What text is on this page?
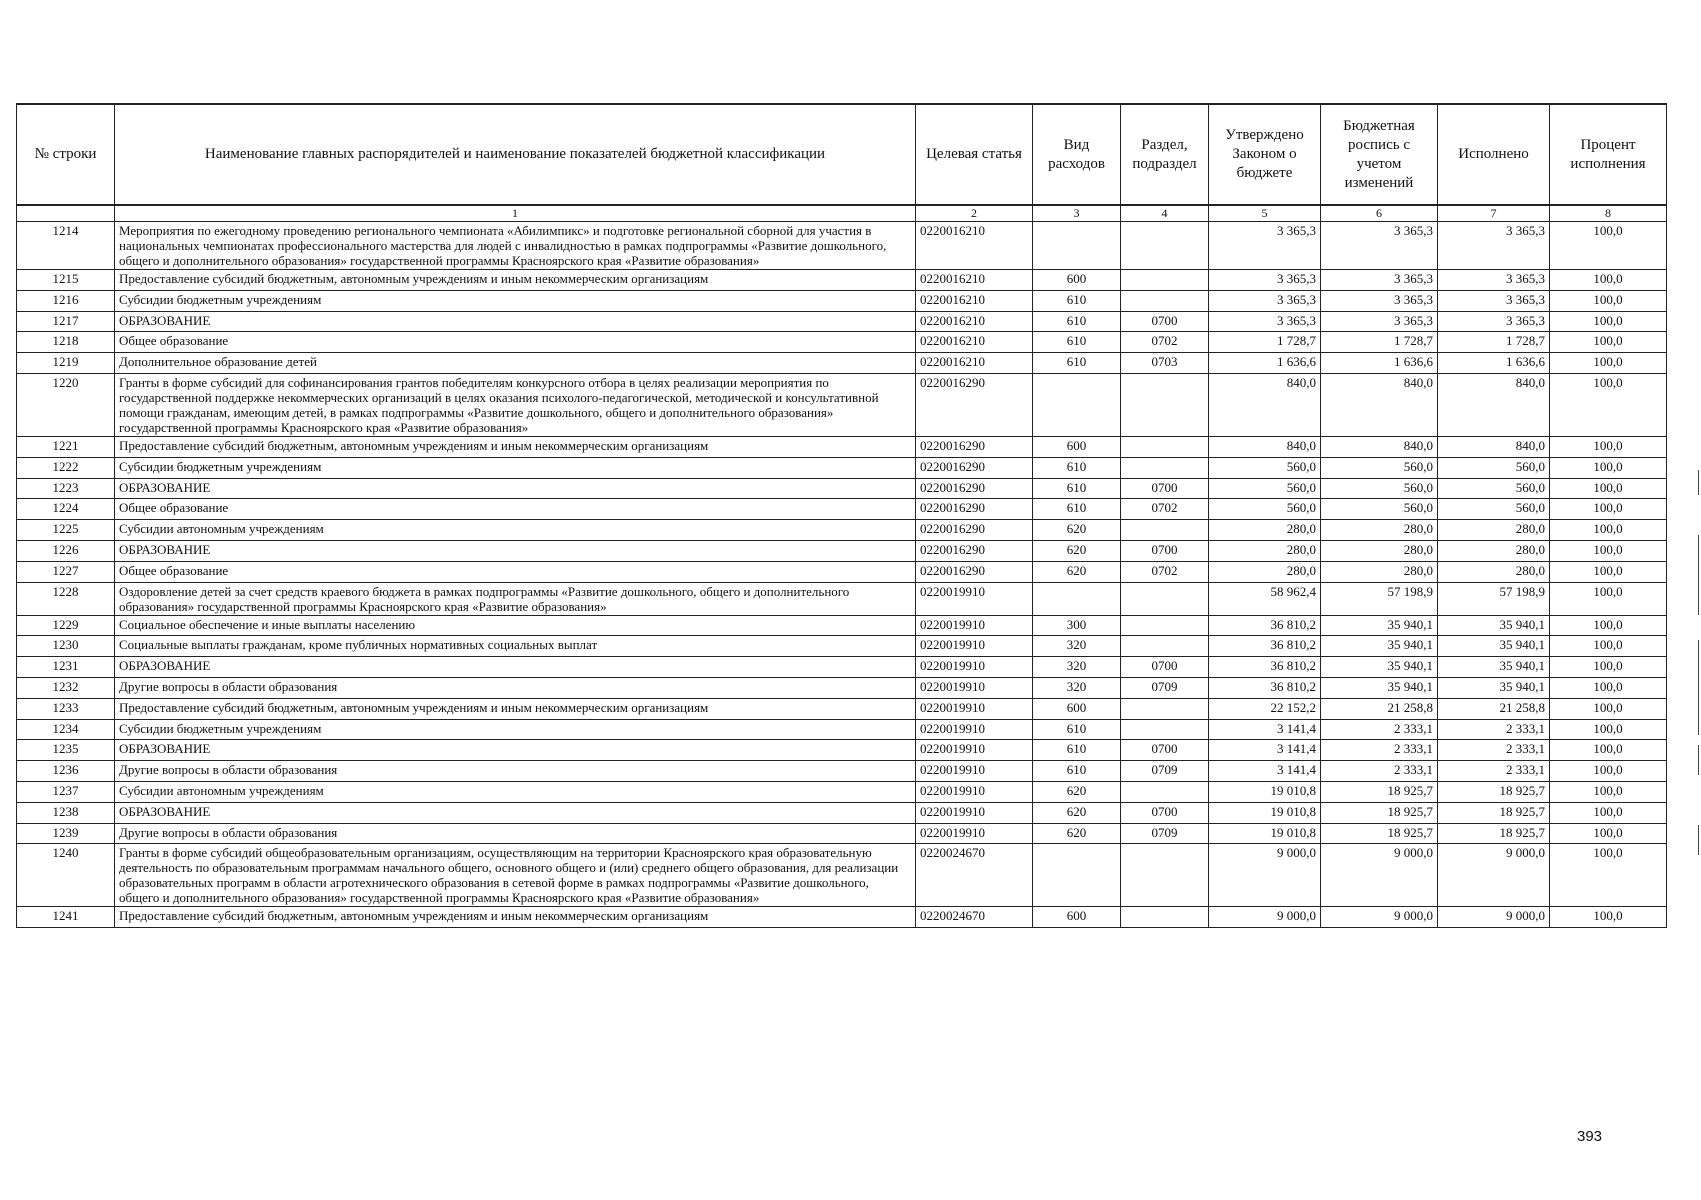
№ строки	Наименование главных распорядителей и наименование показателей бюджетной классификации	Целевая статья	Вид расходов	Раздел, подраздел	Утверждено Законом о бюджете	Бюджетная роспись с учетом изменений	Исполнено	Процент исполнения
	1	2	3	4	5	6	7	8
1214	Мероприятия по ежегодному проведению регионального чемпионата «Абилимпикс» и подготовке региональной сборной для участия в национальных чемпионатах профессионального мастерства для людей с инвалидностью в рамках подпрограммы «Развитие дошкольного, общего и дополнительного образования» государственной программы Красноярского края «Развитие образования»	0220016210			3 365,3	3 365,3	3 365,3	100,0
1215	Предоставление субсидий бюджетным, автономным учреждениям и иным некоммерческим организациям	0220016210	600		3 365,3	3 365,3	3 365,3	100,0
1216	Субсидии бюджетным учреждениям	0220016210	610		3 365,3	3 365,3	3 365,3	100,0
1217	ОБРАЗОВАНИЕ	0220016210	610	0700	3 365,3	3 365,3	3 365,3	100,0
1218	Общее образование	0220016210	610	0702	1 728,7	1 728,7	1 728,7	100,0
1219	Дополнительное образование детей	0220016210	610	0703	1 636,6	1 636,6	1 636,6	100,0
1220	Гранты в форме субсидий для софинансирования грантов победителям конкурсного отбора в целях реализации мероприятия по государственной поддержке некоммерческих организаций в целях оказания психолого-педагогической, методической и консультативной помощи гражданам, имеющим детей, в рамках подпрограммы «Развитие дошкольного, общего и дополнительного образования» государственной программы Красноярского края «Развитие образования»	0220016290			840,0	840,0	840,0	100,0
1221	Предоставление субсидий бюджетным, автономным учреждениям и иным некоммерческим организациям	0220016290	600		840,0	840,0	840,0	100,0
1222	Субсидии бюджетным учреждениям	0220016290	610		560,0	560,0	560,0	100,0
1223	ОБРАЗОВАНИЕ	0220016290	610	0700	560,0	560,0	560,0	100,0
1224	Общее образование	0220016290	610	0702	560,0	560,0	560,0	100,0
1225	Субсидии автономным учреждениям	0220016290	620		280,0	280,0	280,0	100,0
1226	ОБРАЗОВАНИЕ	0220016290	620	0700	280,0	280,0	280,0	100,0
1227	Общее образование	0220016290	620	0702	280,0	280,0	280,0	100,0
1228	Оздоровление детей за счет средств краевого бюджета в рамках подпрограммы «Развитие дошкольного, общего и дополнительного образования» государственной программы Красноярского края «Развитие образования»	0220019910			58 962,4	57 198,9	57 198,9	100,0
1229	Социальное обеспечение и иные выплаты населению	0220019910	300		36 810,2	35 940,1	35 940,1	100,0
1230	Социальные выплаты гражданам, кроме публичных нормативных социальных выплат	0220019910	320		36 810,2	35 940,1	35 940,1	100,0
1231	ОБРАЗОВАНИЕ	0220019910	320	0700	36 810,2	35 940,1	35 940,1	100,0
1232	Другие вопросы в области образования	0220019910	320	0709	36 810,2	35 940,1	35 940,1	100,0
1233	Предоставление субсидий бюджетным, автономным учреждениям и иным некоммерческим организациям	0220019910	600		22 152,2	21 258,8	21 258,8	100,0
1234	Субсидии бюджетным учреждениям	0220019910	610		3 141,4	2 333,1	2 333,1	100,0
1235	ОБРАЗОВАНИЕ	0220019910	610	0700	3 141,4	2 333,1	2 333,1	100,0
1236	Другие вопросы в области образования	0220019910	610	0709	3 141,4	2 333,1	2 333,1	100,0
1237	Субсидии автономным учреждениям	0220019910	620		19 010,8	18 925,7	18 925,7	100,0
1238	ОБРАЗОВАНИЕ	0220019910	620	0700	19 010,8	18 925,7	18 925,7	100,0
1239	Другие вопросы в области образования	0220019910	620	0709	19 010,8	18 925,7	18 925,7	100,0
1240	Гранты в форме субсидий общеобразовательным организациям, осуществляющим на территории Красноярского края образовательную деятельность по образовательным программам начального общего, основного общего и (или) среднего общего образования, для реализации образовательных программ в области агротехнического образования в сетевой форме в рамках подпрограммы «Развитие дошкольного, общего и дополнительного образования» государственной программы Красноярского края «Развитие образования»	0220024670			9 000,0	9 000,0	9 000,0	100,0
1241	Предоставление субсидий бюджетным, автономным учреждениям и иным некоммерческим организациям	0220024670	600		9 000,0	9 000,0	9 000,0	100,0
393
